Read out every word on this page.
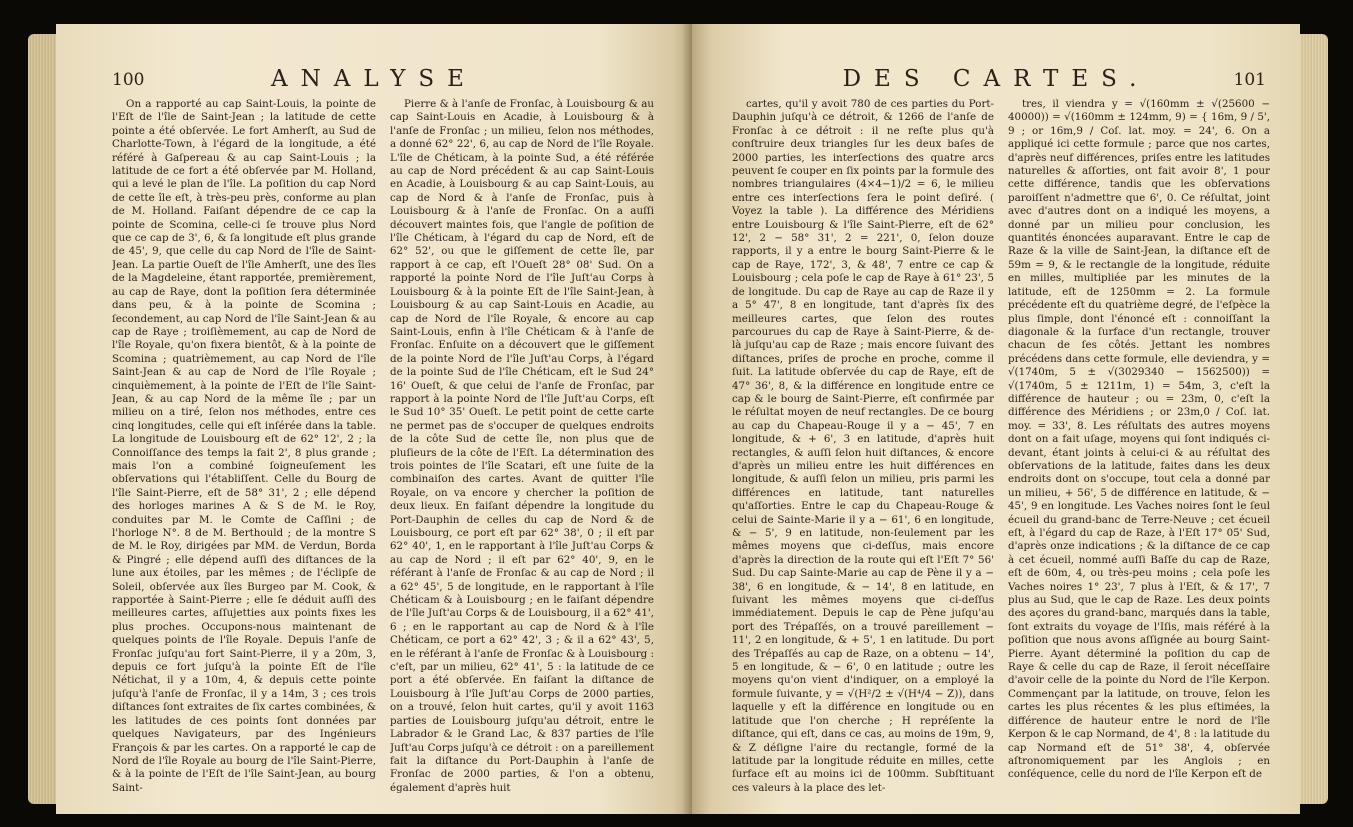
100	ANALYSE

On a rapporté au cap Saint-Louis, la pointe de l'Eſt de l'île de Saint-Jean ; la latitude de cette pointe a été obſervée. Le fort Amherſt, au Sud de Charlotte-Town, à l'égard de la longitude, a été référé à Gaſpereau & au cap Saint-Louis ; la latitude de ce fort a été obſervée par M. Holland, qui a levé le plan de l'île. La poſition du cap Nord de cette île eſt, à très-peu près, conforme au plan de M. Holland. Faiſant dépendre de ce cap la pointe de Scomina, celle-ci ſe trouve plus Nord que ce cap de 3', 6, & ſa longitude eſt plus grande de 45', 9, que celle du cap Nord de l'île de Saint-Jean. La partie Oueſt de l'île Amherſt, une des îles de la Magdeleine, étant rapportée, premièrement, au cap de Raye, dont la poſition ſera déterminée dans peu, & à la pointe de Scomina ; ſecondement, au cap Nord de l'île Saint-Jean & au cap de Raye ; troiſièmement, au cap de Nord de l'île Royale, qu'on fixera bientôt, & à la pointe de Scomina ; quatrièmement, au cap Nord de l'île Saint-Jean & au cap de Nord de l'île Royale ; cinquièmement, à la pointe de l'Eſt de l'île Saint-Jean, & au cap Nord de la même île ; par un milieu on a tiré, ſelon nos méthodes, entre ces cinq longitudes, celle qui eſt inſérée dans la table. La longitude de Louisbourg eſt de 62° 12', 2 ; la Connoiſſance des temps la fait 2', 8 plus grande ; mais l'on a combiné ſoigneuſement les obſervations qui l'établiſſent. Celle du Bourg de l'île Saint-Pierre, eſt de 58° 31', 2 ; elle dépend des horloges marines A & S de M. le Roy, conduites par M. le Comte de Caſſini ; de l'horloge N°. 8 de M. Berthould ; de la montre S de M. le Roy, dirigées par MM. de Verdun, Borda & Pingré ; elle dépend auſſi des diſtances de la lune aux étoiles, par les mêmes ; de l'éclipſe de Soleil, obſervée aux îles Burgeo par M. Cook, & rapportée à Saint-Pierre ; elle ſe déduit auſſi des meilleures cartes, aſſujetties aux points fixes les plus proches. Occupons-nous maintenant de quelques points de l'île Royale. Depuis l'anſe de Fronſac juſqu'au fort Saint-Pierre, il y a 20m, 3, depuis ce fort juſqu'à la pointe Eſt de l'île Nétichat, il y a 10m, 4, & depuis cette pointe juſqu'à l'anſe de Fronſac, il y a 14m, 3 ; ces trois diſtances ſont extraites de ſix cartes combinées, & les latitudes de ces points ſont données par quelques Navigateurs, par des Ingénieurs François & par les cartes. On a rapporté le cap de Nord de l'île Royale au bourg de l'île Saint-Pierre, & à la pointe de l'Eſt de l'île Saint-Jean, au bourg Saint-

Pierre & à l'anſe de Fronſac, à Louisbourg & au cap Saint-Louis en Acadie, à Louisbourg & à l'anſe de Fronſac ; un milieu, ſelon nos méthodes, a donné 62° 22', 6, au cap de Nord de l'île Royale. L'île de Chéticam, à la pointe Sud, a été référée au cap de Nord précédent & au cap Saint-Louis en Acadie, à Louisbourg & au cap Saint-Louis, au cap de Nord & à l'anſe de Fronſac, puis à Louisbourg & à l'anſe de Fronſac. On a auſſi découvert maintes fois, que l'angle de poſition de l'île Chéticam, à l'égard du cap de Nord, eſt de 62° 52', ou que le giſſement de cette île, par rapport à ce cap, eſt l'Oueſt 28° 08' Sud. On a rapporté la pointe Nord de l'île Juſt'au Corps à Louisbourg & à la pointe Eſt de l'île Saint-Jean, à Louisbourg & au cap Saint-Louis en Acadie, au cap de Nord de l'île Royale, & encore au cap Saint-Louis, enfin à l'île Chéticam & à l'anſe de Fronſac. Enſuite on a découvert que le giſſement de la pointe Nord de l'île Juſt'au Corps, à l'égard de la pointe Sud de l'île Chéticam, eſt le Sud 24° 16' Oueſt, & que celui de l'anſe de Fronſac, par rapport à la pointe Nord de l'île Juſt'au Corps, eſt le Sud 10° 35' Oueſt. Le petit point de cette carte ne permet pas de s'occuper de quelques endroits de la côte Sud de cette île, non plus que de pluſieurs de la côte de l'Eſt. La détermination des trois pointes de l'île Scatari, eſt une ſuite de la combinaiſon des cartes. Avant de quitter l'île Royale, on va encore y chercher la poſition de deux lieux. En faiſant dépendre la longitude du Port-Dauphin de celles du cap de Nord & de Louisbourg, ce port eſt par 62° 38', 0 ; il eſt par 62° 40', 1, en le rapportant à l'île Juſt'au Corps & au cap de Nord ; il eſt par 62° 40', 9, en le référant à l'anſe de Fronſac & au cap de Nord ; il a 62° 45', 5 de longitude, en le rapportant à l'île Chéticam & à Louisbourg ; en le faiſant dépendre de l'île Juſt'au Corps & de Louisbourg, il a 62° 41', 6 ; en le rapportant au cap de Nord & à l'île Chéticam, ce port a 62° 42', 3 ; & il a 62° 43', 5, en le référant à l'anſe de Fronſac & à Louisbourg : c'eſt, par un milieu, 62° 41', 5 : la latitude de ce port a été obſervée. En faiſant la diſtance de Louisbourg à l'île Juſt'au Corps de 2000 parties, on a trouvé, ſelon huit cartes, qu'il y avoit 1163 parties de Louisbourg juſqu'au détroit, entre le Labrador & le Grand Lac, & 837 parties de l'île Juſt'au Corps juſqu'à ce détroit : on a pareillement fait la diſtance du Port-Dauphin à l'anſe de Fronſac de 2000 parties, & l'on a obtenu, également d'après huit

DES CARTES.	101

cartes, qu'il y avoit 780 de ces parties du Port-Dauphin juſqu'à ce détroit, & 1266 de l'anſe de Fronſac à ce détroit : il ne reſte plus qu'à conſtruire deux triangles ſur les deux baſes de 2000 parties, les interſections des quatre arcs peuvent ſe couper en ſix points par la formule des nombres triangulaires (4×4−1)/2 = 6, le milieu entre ces interſections ſera le point deſiré. ( Voyez la table ). La différence des Méridiens entre Louisbourg & l'île Saint-Pierre, eſt de 62° 12', 2 − 58° 31', 2 = 221', 0, ſelon douze rapports, il y a entre le bourg Saint-Pierre & le cap de Raye, 172', 3, & 48', 7 entre ce cap & Louisbourg ; cela poſe le cap de Raye à 61° 23', 5 de longitude. Du cap de Raye au cap de Raze il y a 5° 47', 8 en longitude, tant d'après ſix des meilleures cartes, que ſelon des routes parcourues du cap de Raye à Saint-Pierre, & de-là juſqu'au cap de Raze ; mais encore ſuivant des diſtances, priſes de proche en proche, comme il ſuit. La latitude obſervée du cap de Raye, eſt de 47° 36', 8, & la différence en longitude entre ce cap & le bourg de Saint-Pierre, eſt confirmée par le réſultat moyen de neuf rectangles. De ce bourg au cap du Chapeau-Rouge il y a − 45', 7 en longitude, & + 6', 3 en latitude, d'après huit rectangles, & auſſi ſelon huit diſtances, & encore d'après un milieu entre les huit différences en longitude, & auſſi ſelon un milieu, pris parmi les différences en latitude, tant naturelles qu'aſſorties. Entre le cap du Chapeau-Rouge & celui de Sainte-Marie il y a − 61', 6 en longitude, & − 5', 9 en latitude, non-ſeulement par les mêmes moyens que ci-deſſus, mais encore d'après la direction de la route qui eſt l'Eſt 7° 56' Sud. Du cap Sainte-Marie au cap de Pène il y a − 38', 6 en longitude, & − 14', 8 en latitude, en ſuivant les mêmes moyens que ci-deſſus immédiatement. Depuis le cap de Pène juſqu'au port des Trépaſſés, on a trouvé pareillement − 11', 2 en longitude, & + 5', 1 en latitude. Du port des Trépaſſés au cap de Raze, on a obtenu − 14', 5 en longitude, & − 6', 0 en latitude ; outre les moyens qu'on vient d'indiquer, on a employé la formule ſuivante, y = √(H²/2 ± √(H⁴/4 − Z)), dans laquelle y eſt la différence en longitude ou en latitude que l'on cherche ; H repréſente la diſtance, qui eſt, dans ce cas, au moins de 19m, 9, & Z déſigne l'aire du rectangle, formé de la latitude par la longitude réduite en milles, cette ſurface eſt au moins ici de 100mm. Subſtituant ces valeurs à la place des let-

tres, il viendra y = √(160mm ± √(25600 − 40000)) = √(160mm ± 124mm, 9) = { 16m, 9 / 5', 9 ; or 16m,9 / Coſ. lat. moy. = 24', 6. On a appliqué ici cette formule ; parce que nos cartes, d'après neuf différences, priſes entre les latitudes naturelles & aſſorties, ont fait avoir 8', 1 pour cette différence, tandis que les obſervations paroiſſent n'admettre que 6', 0. Ce réſultat, joint avec d'autres dont on a indiqué les moyens, a donné par un milieu pour conclusion, les quantités énoncées auparavant. Entre le cap de Raze & la ville de Saint-Jean, la diſtance eſt de 59m = 9, & le rectangle de la longitude, réduite en milles, multipliée par les minutes de la latitude, eſt de 1250mm = 2. La formule précédente eſt du quatrième degré, de l'eſpèce la plus ſimple, dont l'énoncé eſt : connoiſſant la diagonale & la ſurface d'un rectangle, trouver chacun de ſes côtés. Jettant les nombres précédens dans cette formule, elle deviendra, y = √(1740m, 5 ± √(3029340 − 1562500)) = √(1740m, 5 ± 1211m, 1) = 54m, 3, c'eſt la différence de hauteur ; ou = 23m, 0, c'eſt la différence des Méridiens ; or 23m,0 / Coſ. lat. moy. = 33', 8. Les réſultats des autres moyens dont on a fait uſage, moyens qui ſont indiqués ci-devant, étant joints à celui-ci & au réſultat des obſervations de la latitude, faites dans les deux endroits dont on s'occupe, tout cela a donné par un milieu, + 56', 5 de différence en latitude, & − 45', 9 en longitude. Les Vaches noires ſont le ſeul écueil du grand-banc de Terre-Neuve ; cet écueil eſt, à l'égard du cap de Raze, à l'Eſt 17° 05' Sud, d'après onze indications ; & la diſtance de ce cap à cet écueil, nommé auſſi Baſſe du cap de Raze, eſt de 60m, 4, ou très-peu moins ; cela poſe les Vaches noires 1° 23', 7 plus à l'Eſt, & & 17', 7 plus au Sud, que le cap de Raze. Les deux points des açores du grand-banc, marqués dans la table, ſont extraits du voyage de l'Iſis, mais référé à la poſition que nous avons aſſignée au bourg Saint-Pierre. Ayant déterminé la poſition du cap de Raye & celle du cap de Raze, il ſeroit néceſſaire d'avoir celle de la pointe du Nord de l'île Kerpon. Commençant par la latitude, on trouve, ſelon les cartes les plus récentes & les plus eſtimées, la différence de hauteur entre le nord de l'île Kerpon & le cap Normand, de 4', 8 : la latitude du cap Normand eſt de 51° 38', 4, obſervée aſtronomiquement par les Anglois ; en conſéquence, celle du nord de l'île Kerpon eſt de
